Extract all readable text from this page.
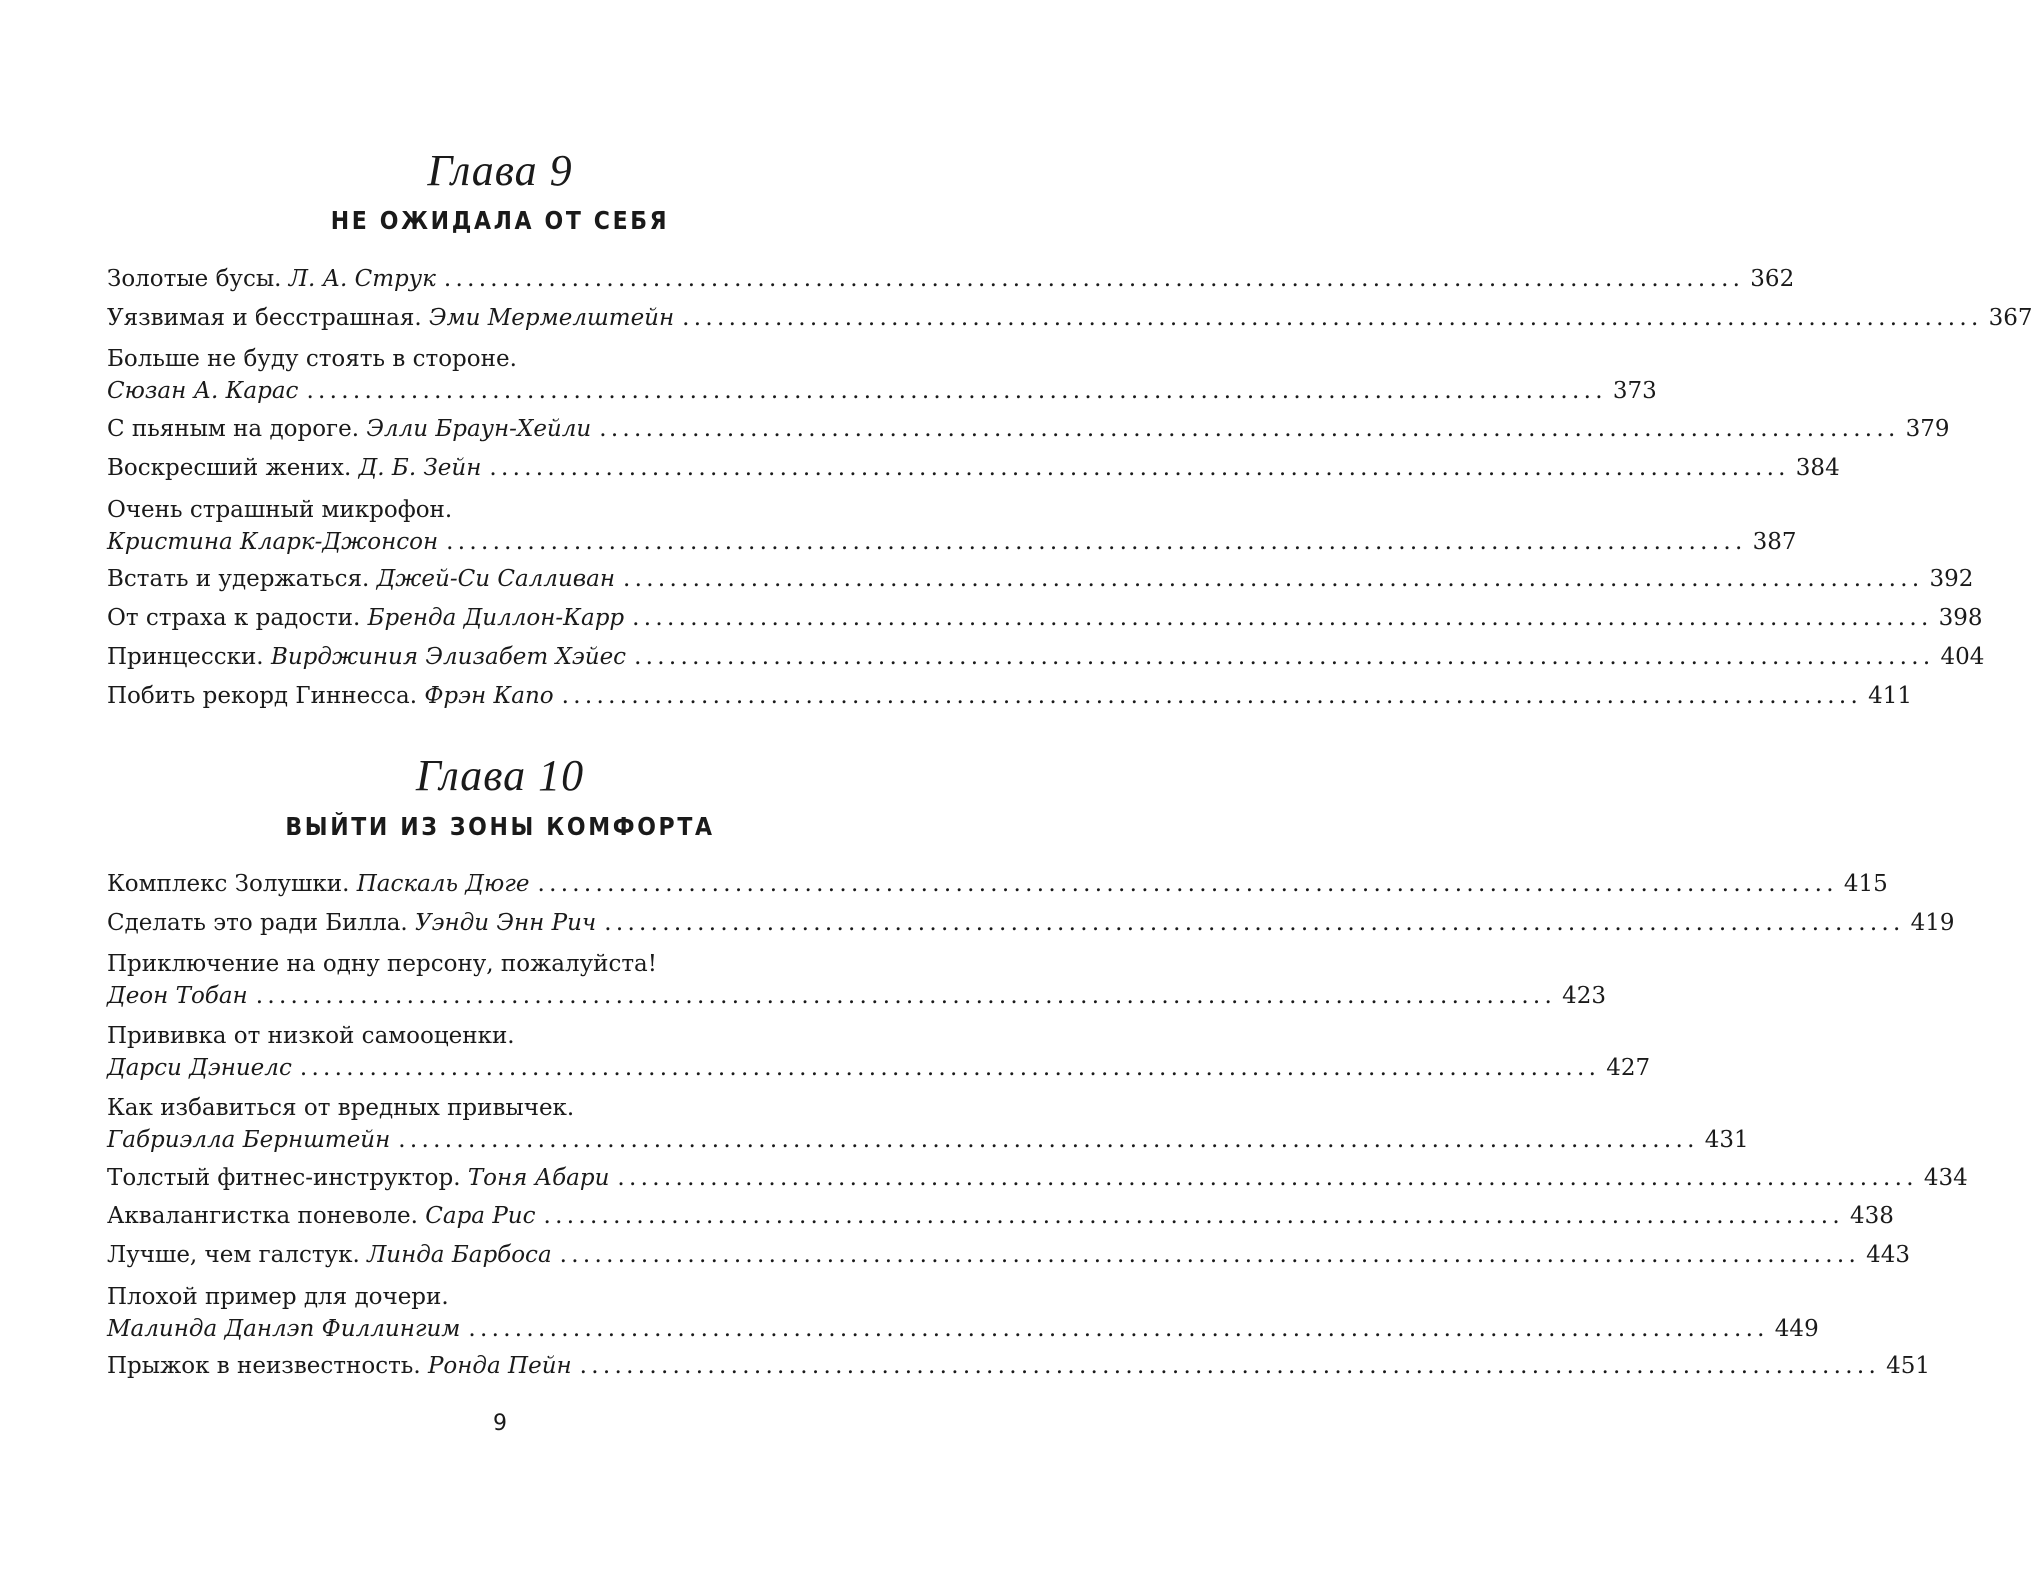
Глава 9
НЕ ОЖИДАЛА ОТ СЕБЯ
Золотые бусы.
Л. А. Струк ................................................................................................................ 362
Уязвимая и бесстрашная.
Эми Мермелштейн ................................................................................................................ 367
Больше не буду стоять в стороне.
Сюзан А. Карас ................................................................................................................ 373
С пьяным на дороге.
Элли Браун-Хейли ................................................................................................................ 379
Воскресший жених.
Д. Б. Зейн ................................................................................................................ 384
Очень страшный микрофон.
Кристина Кларк-Джонсон ................................................................................................................ 387
Встать и удержаться.
Джей-Си Салливан ................................................................................................................ 392
От страха к радости.
Бренда Диллон-Карр ................................................................................................................ 398
Принцесски.
Вирджиния Элизабет Хэйес ................................................................................................................ 404
Побить рекорд Гиннесса.
Фрэн Капо ................................................................................................................ 411
Глава 10
ВЫЙТИ ИЗ ЗОНЫ КОМФОРТА
Комплекс Золушки.
Паскаль Дюге ................................................................................................................ 415
Сделать это ради Билла.
Уэнди Энн Рич ................................................................................................................ 419
Приключение на одну персону, пожалуйста!
Деон Тобан ................................................................................................................ 423
Прививка от низкой самооценки.
Дарси Дэниелс ................................................................................................................ 427
Как избавиться от вредных привычек.
Габриэлла Бернштейн ................................................................................................................ 431
Толстый фитнес-инструктор.
Тоня Абари ................................................................................................................ 434
Аквалангистка поневоле.
Сара Рис ................................................................................................................ 438
Лучше, чем галстук.
Линда Барбоса ................................................................................................................ 443
Плохой пример для дочери.
Малинда Данлэп Филлингим ................................................................................................................ 449
Прыжок в неизвестность.
Ронда Пейн ................................................................................................................ 451
9
